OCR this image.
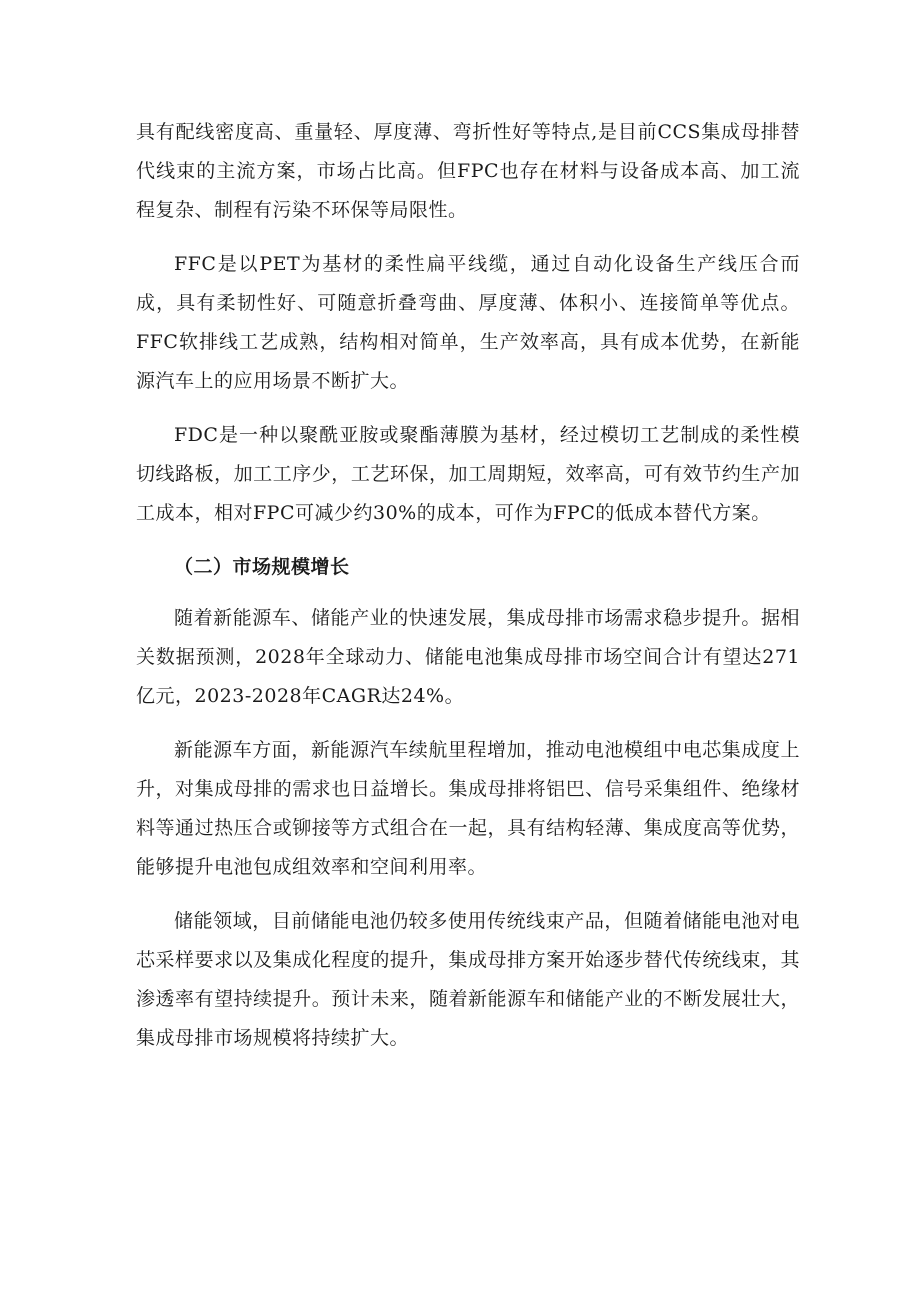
具有配线密度高、重量轻、厚度薄、弯折性好等特点,是目前CCS集成母排替代线束的主流方案，市场占比高。但FPC也存在材料与设备成本高、加工流程复杂、制程有污染不环保等局限性。

FFC是以PET为基材的柔性扁平线缆，通过自动化设备生产线压合而成，具有柔韧性好、可随意折叠弯曲、厚度薄、体积小、连接简单等优点。FFC软排线工艺成熟，结构相对简单，生产效率高，具有成本优势，在新能源汽车上的应用场景不断扩大。

FDC是一种以聚酰亚胺或聚酯薄膜为基材，经过模切工艺制成的柔性模切线路板，加工工序少，工艺环保，加工周期短，效率高，可有效节约生产加工成本，相对FPC可减少约30%的成本，可作为FPC的低成本替代方案。

（二）市场规模增长

随着新能源车、储能产业的快速发展，集成母排市场需求稳步提升。据相关数据预测，2028年全球动力、储能电池集成母排市场空间合计有望达271亿元，2023-2028年CAGR达24%。

新能源车方面，新能源汽车续航里程增加，推动电池模组中电芯集成度上升，对集成母排的需求也日益增长。集成母排将铝巴、信号采集组件、绝缘材料等通过热压合或铆接等方式组合在一起，具有结构轻薄、集成度高等优势，能够提升电池包成组效率和空间利用率。

储能领域，目前储能电池仍较多使用传统线束产品，但随着储能电池对电芯采样要求以及集成化程度的提升，集成母排方案开始逐步替代传统线束，其渗透率有望持续提升。预计未来，随着新能源车和储能产业的不断发展壮大，集成母排市场规模将持续扩大。
